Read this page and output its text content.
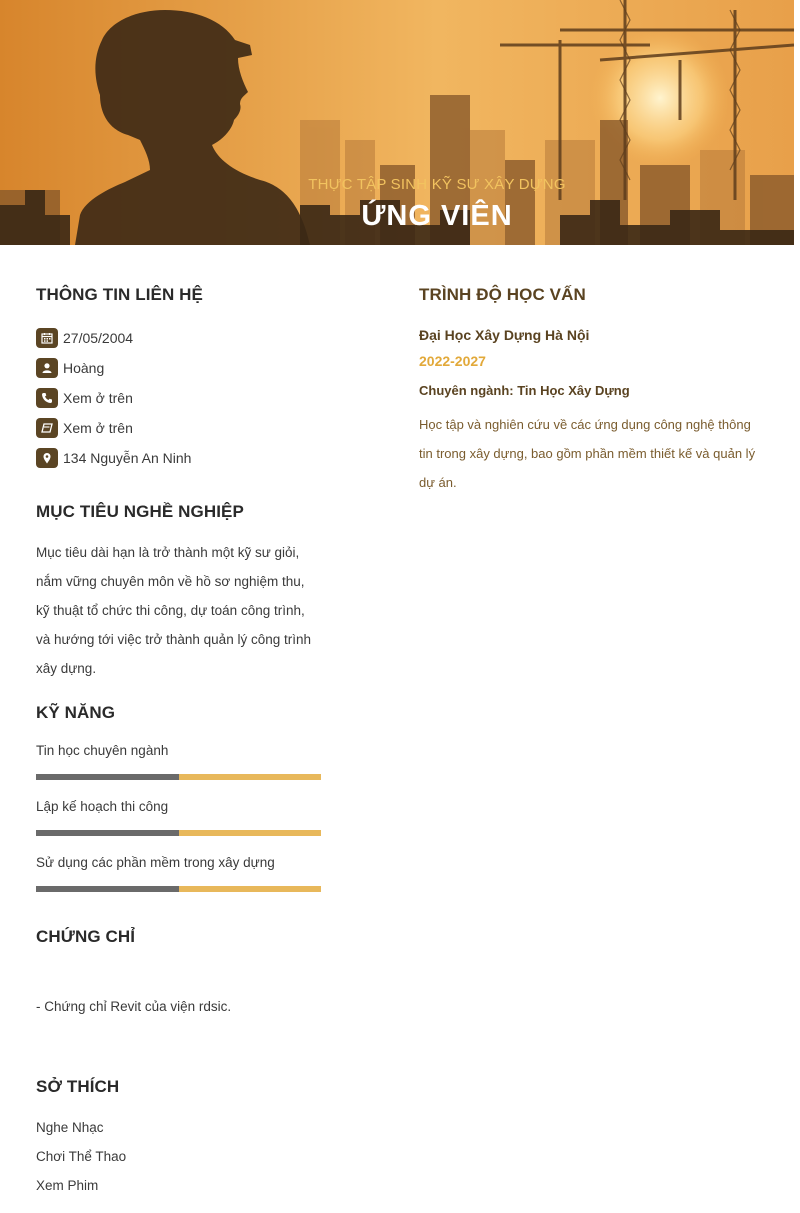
THỰC TẬP SINH KỸ SƯ XÂY DỰNG
ỨNG VIÊN
THÔNG TIN LIÊN HỆ
27/05/2004
Hoàng
Xem ở trên
Xem ở trên
134 Nguyễn An Ninh
MỤC TIÊU NGHỀ NGHIỆP

Mục tiêu dài hạn là trở thành một kỹ sư giỏi, nắm vững chuyên môn về hồ sơ nghiệm thu, kỹ thuật tổ chức thi công, dự toán công trình, và hướng tới việc trở thành quản lý công trình xây dựng.

KỸ NĂNG
Tin học chuyên ngành
Lập kế hoạch thi công
Sử dụng các phần mềm trong xây dựng
CHỨNG CHỈ

- Chứng chỉ Revit của viện rdsic.

SỞ THÍCH
Nghe Nhạc
Chơi Thể Thao
Xem Phim
TRÌNH ĐỘ HỌC VẤN
Đại Học Xây Dựng Hà Nội
2022-2027
Chuyên ngành: Tin Học Xây Dựng

Học tập và nghiên cứu về các ứng dụng công nghệ thông tin trong xây dựng, bao gồm phần mềm thiết kế và quản lý dự án.
